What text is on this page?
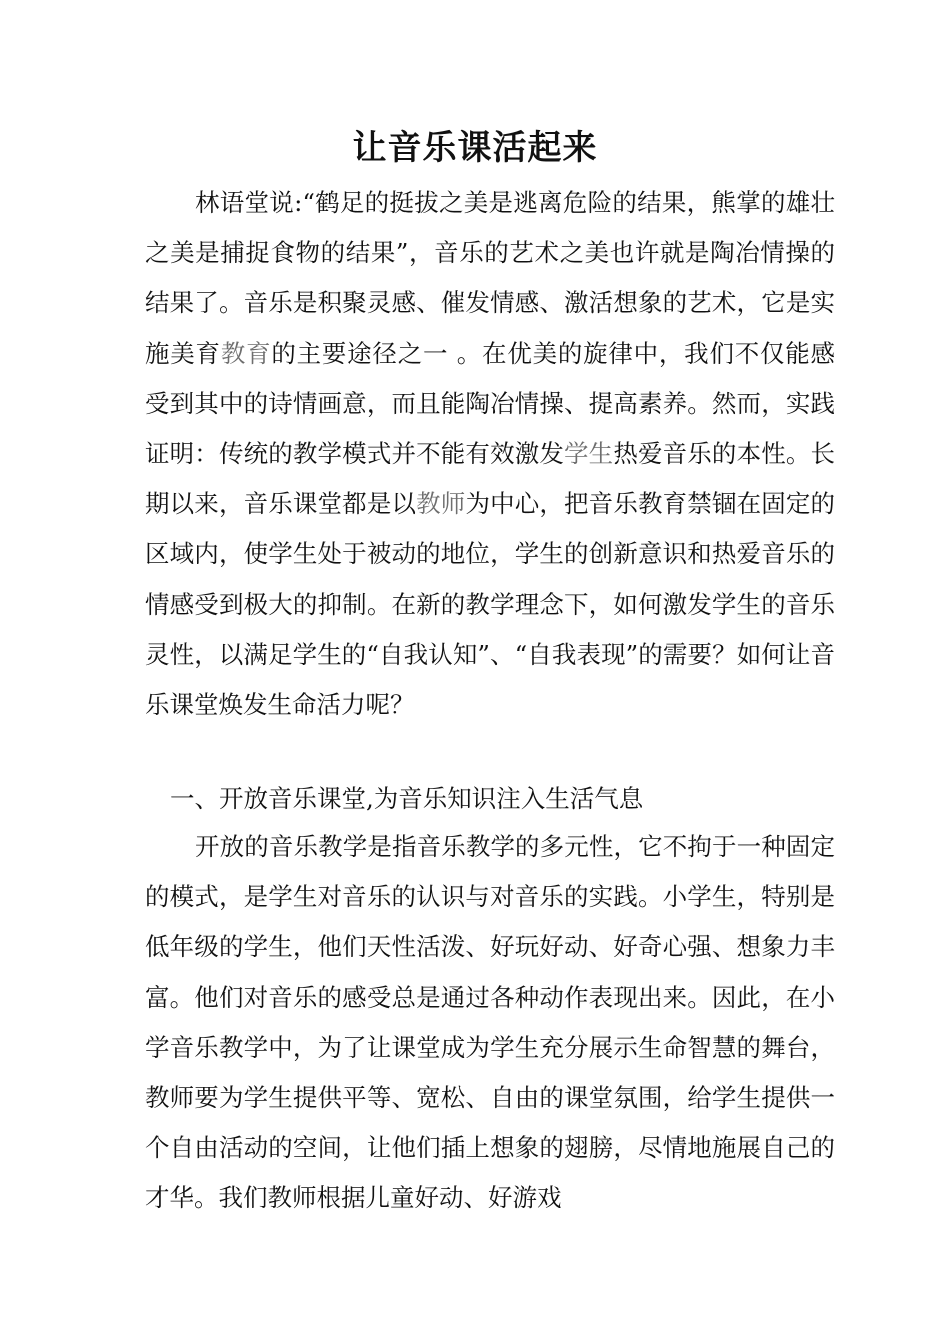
让音乐课活起来

林语堂说:“鹤足的挺拔之美是逃离危险的结果，熊掌的雄壮之美是捕捉食物的结果”，音乐的艺术之美也许就是陶冶情操的结果了。音乐是积聚灵感、催发情感、激活想象的艺术，它是实施美育教育的主要途径之一 。在优美的旋律中，我们不仅能感受到其中的诗情画意，而且能陶冶情操、提高素养。然而，实践证明：传统的教学模式并不能有效激发学生热爱音乐的本性。长期以来，音乐课堂都是以教师为中心，把音乐教育禁锢在固定的区域内，使学生处于被动的地位，学生的创新意识和热爱音乐的情感受到极大的抑制。在新的教学理念下，如何激发学生的音乐灵性，以满足学生的“自我认知”、“自我表现”的需要？如何让音乐课堂焕发生命活力呢？

一、开放音乐课堂,为音乐知识注入生活气息

开放的音乐教学是指音乐教学的多元性，它不拘于一种固定的模式，是学生对音乐的认识与对音乐的实践。小学生，特别是低年级的学生，他们天性活泼、好玩好动、好奇心强、想象力丰富。他们对音乐的感受总是通过各种动作表现出来。因此，在小学音乐教学中，为了让课堂成为学生充分展示生命智慧的舞台，教师要为学生提供平等、宽松、自由的课堂氛围，给学生提供一个自由活动的空间，让他们插上想象的翅膀，尽情地施展自己的才华。我们教师根据儿童好动、好游戏
